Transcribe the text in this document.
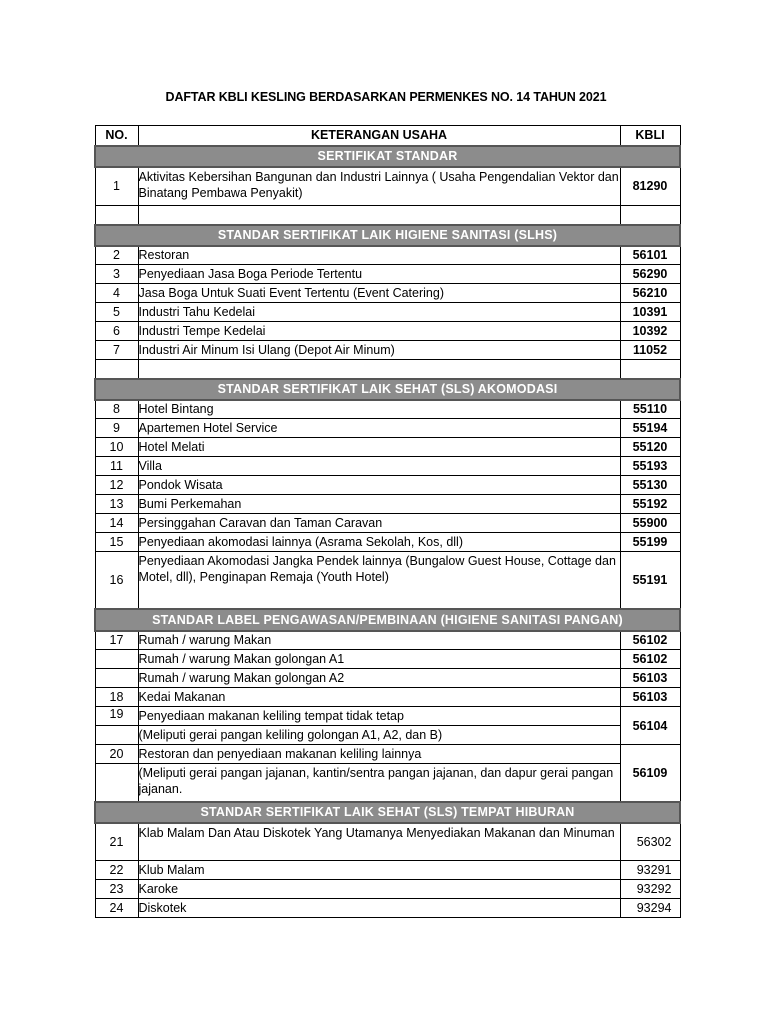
DAFTAR KBLI KESLING BERDASARKAN PERMENKES NO. 14 TAHUN 2021
NO.	KETERANGAN USAHA	KBLI
SERTIFIKAT STANDAR		
1	Aktivitas Kebersihan Bangunan dan Industri Lainnya ( Usaha Pengendalian Vektor dan Binatang Pembawa Penyakit)	81290

STANDAR SERTIFIKAT LAIK HIGIENE SANITASI (SLHS)		
2	Restoran	56101
3	Penyediaan Jasa Boga Periode Tertentu	56290
4	Jasa Boga Untuk Suati Event Tertentu (Event Catering)	56210
5	Industri Tahu Kedelai	10391
6	Industri Tempe Kedelai	10392
7	Industri Air Minum Isi Ulang (Depot Air Minum)	11052

STANDAR SERTIFIKAT LAIK SEHAT (SLS) AKOMODASI		
8	Hotel Bintang	55110
9	Apartemen Hotel Service	55194
10	Hotel Melati	55120
11	Villa	55193
12	Pondok Wisata	55130
13	Bumi Perkemahan	55192
14	Persinggahan Caravan dan Taman Caravan	55900
15	Penyediaan akomodasi lainnya (Asrama Sekolah, Kos, dll)	55199
16	Penyediaan Akomodasi Jangka Pendek lainnya (Bungalow Guest House, Cottage dan Motel, dll), Penginapan Remaja (Youth Hotel)	55191
STANDAR LABEL PENGAWASAN/PEMBINAAN (HIGIENE SANITASI PANGAN)		
17	Rumah / warung Makan	56102
	Rumah / warung Makan golongan A1	56102
	Rumah / warung Makan golongan A2	56103
18	Kedai Makanan	56103
19	Penyediaan makanan keliling tempat tidak tetap	56104
	(Meliputi gerai pangan keliling golongan A1, A2, dan B)	
20	Restoran dan penyediaan makanan keliling lainnya	56109
	(Meliputi gerai pangan jajanan, kantin/sentra pangan jajanan, dan dapur gerai pangan jajanan.	
STANDAR SERTIFIKAT LAIK SEHAT (SLS) TEMPAT HIBURAN		
21	Klab Malam Dan Atau Diskotek Yang Utamanya Menyediakan Makanan dan Minuman	56302
22	Klub Malam	93291
23	Karoke	93292
24	Diskotek	93294
